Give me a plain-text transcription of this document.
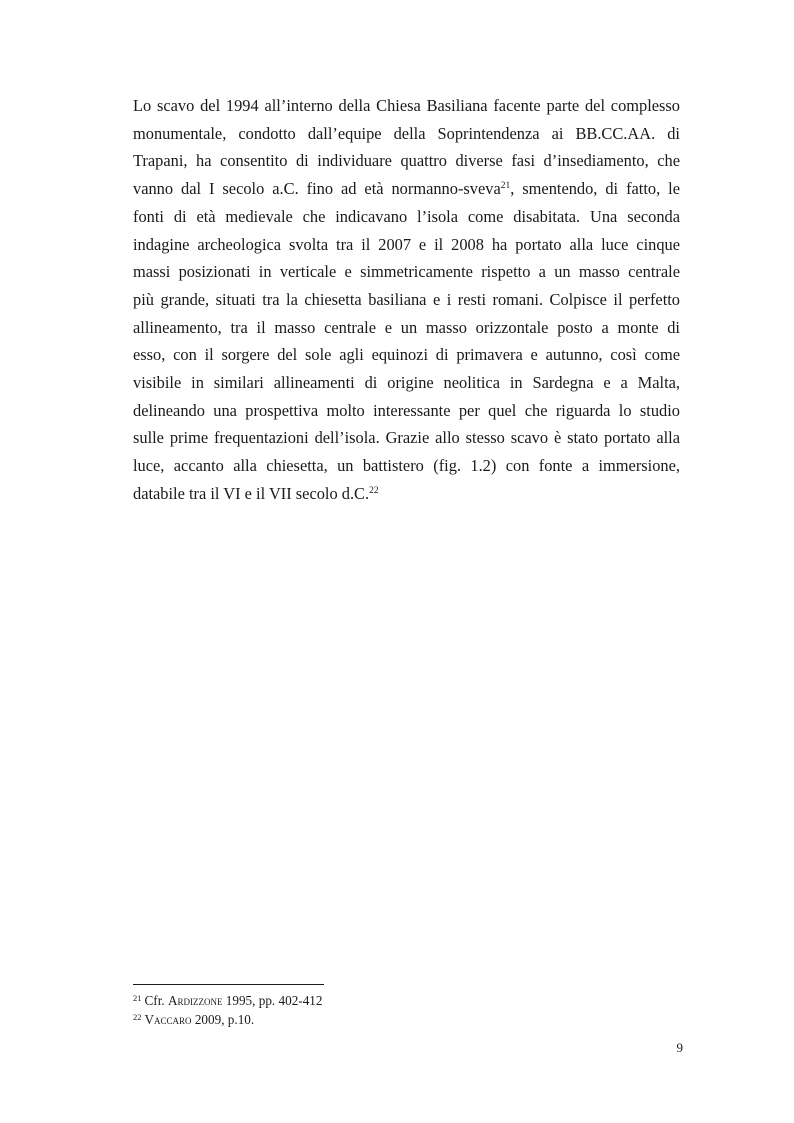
Lo scavo del 1994 all’interno della Chiesa Basiliana facente parte del complesso
monumentale, condotto dall’equipe della Soprintendenza ai BB.CC.AA. di
Trapani, ha consentito di individuare quattro diverse fasi d’insediamento, che
vanno dal I secolo a.C. fino ad età normanno-sveva$^{21}$, smentendo, di fatto, le
fonti di età medievale che indicavano l’isola come disabitata. Una seconda
indagine archeologica svolta tra il 2007 e il 2008 ha portato alla luce cinque
massi posizionati in verticale e simmetricamente rispetto a un masso centrale
più grande, situati tra la chiesetta basiliana e i resti romani. Colpisce il perfetto
allineamento, tra il masso centrale e un masso orizzontale posto a monte di
esso, con il sorgere del sole agli equinozi di primavera e autunno, così come
visibile in similari allineamenti di origine neolitica in Sardegna e a Malta,
delineando una prospettiva molto interessante per quel che riguarda lo studio
sulle prime frequentazioni dell’isola. Grazie allo stesso scavo è stato portato alla
luce, accanto alla chiesetta, un battistero (fig. 1.2) con fonte a immersione,
databile tra il VI e il VII secolo d.C.$^{22}$
$^{21}$ Cfr. Ardizzone 1995, pp. 402-412
$^{22}$ Vaccaro 2009, p.10.
9
